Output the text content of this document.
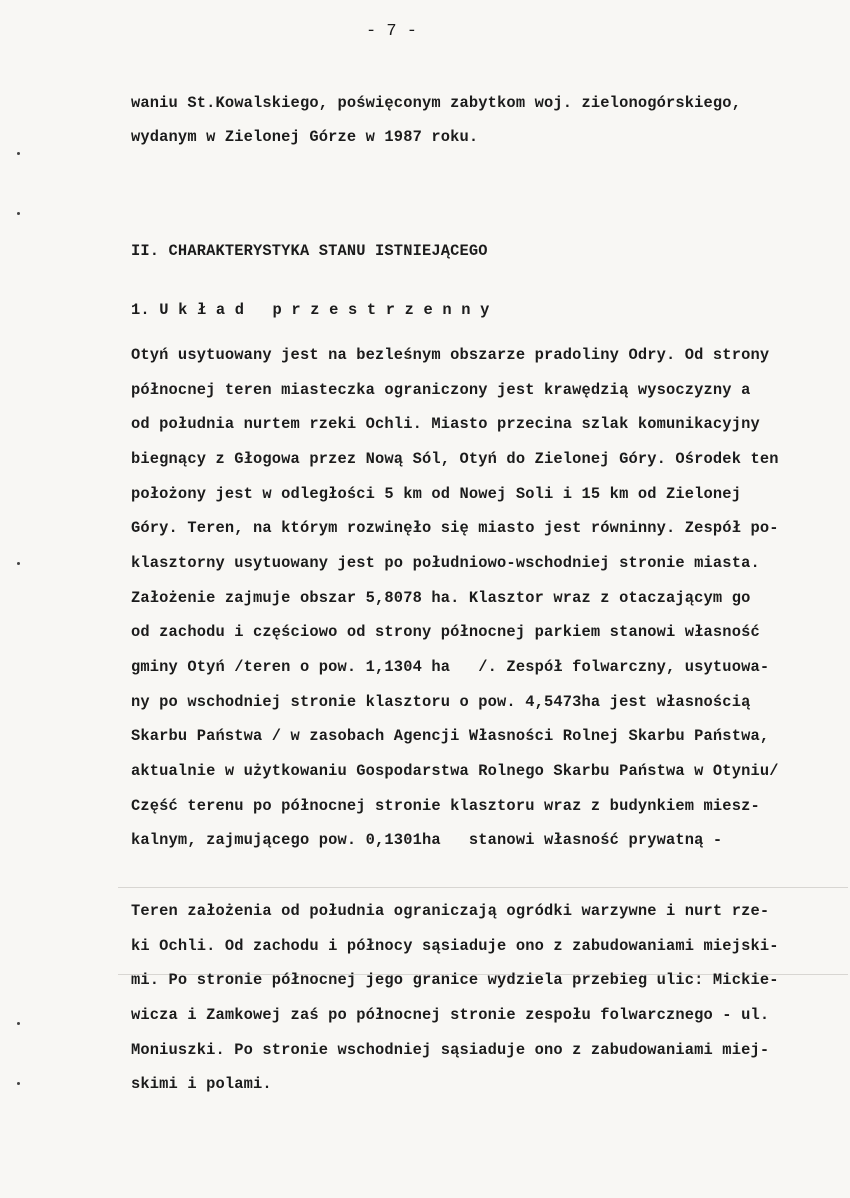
- 7 -
waniu St.Kowalskiego, poświęconym zabytkom woj. zielonogórskiego,
wydanym w Zielonej Górze w 1987 roku.
II. CHARAKTERYSTYKA STANU ISTNIEJĄCEGO
1. U k ł a d   p r z e s t r z e n n y
Otyń usytuowany jest na bezleśnym obszarze pradoliny Odry. Od strony
północnej teren miasteczka ograniczony jest krawędzią wysoczyzny a
od południa nurtem rzeki Ochli. Miasto przecina szlak komunikacyjny
biegnący z Głogowa przez Nową Sól, Otyń do Zielonej Góry. Ośrodek ten
położony jest w odległości 5 km od Nowej Soli i 15 km od Zielonej
Góry. Teren, na którym rozwinęło się miasto jest równinny. Zespół po-
klasztorny usytuowany jest po południowo-wschodniej stronie miasta.
Założenie zajmuje obszar 5,8078 ha. Klasztor wraz z otaczającym go
od zachodu i częściowo od strony północnej parkiem stanowi własność
gminy Otyń /teren o pow. 1,1304 ha   /. Zespół folwarczny, usytuowa-
ny po wschodniej stronie klasztoru o pow. 4,5473ha jest własnością
Skarbu Państwa / w zasobach Agencji Własności Rolnej Skarbu Państwa,
aktualnie w użytkowaniu Gospodarstwa Rolnego Skarbu Państwa w Otyniu/
Część terenu po północnej stronie klasztoru wraz z budynkiem miesz-
kalnym, zajmującego pow. 0,1301ha   stanowi własność prywatną -
Teren założenia od południa ograniczają ogródki warzywne i nurt rze-
ki Ochli. Od zachodu i północy sąsiaduje ono z zabudowaniami miejski-
mi. Po stronie północnej jego granice wydziela przebieg ulic: Mickie-
wicza i Zamkowej zaś po północnej stronie zespołu folwarcznego - ul.
Moniuszki. Po stronie wschodniej sąsiaduje ono z zabudowaniami miej-
skimi i polami.
